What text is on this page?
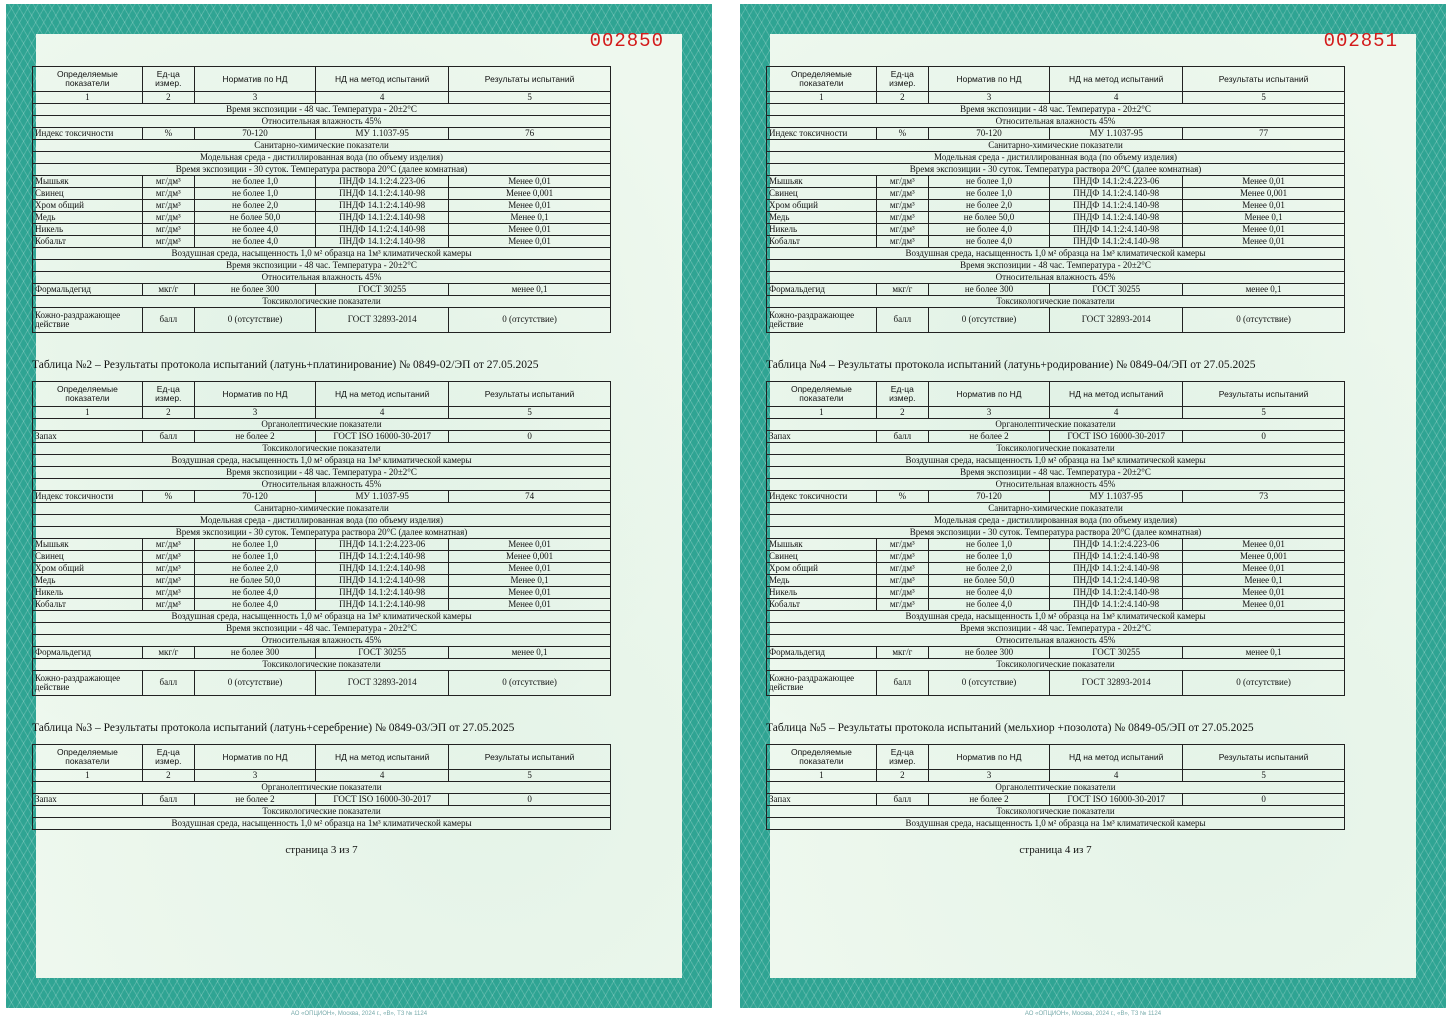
002850
Определяемые показатели	Ед-ца измер.	Норматив по НД	НД на метод испытаний	Результаты испытаний
1	2	3	4	5
Время экспозиции - 48 час. Температура - 20±2°С				
Относительная влажность 45%				
Индекс токсичности	%	70-120	МУ 1.1037-95	76
Санитарно-химические показатели				
Модельная среда - дистиллированная вода (по объему изделия)				
Время экспозиции - 30 суток. Температура раствора 20°С (далее комнатная)				
Мышьяк	мг/дм³	не более 1,0	ПНДФ 14.1:2:4.223-06	Менее 0,01
Свинец	мг/дм³	не более 1,0	ПНДФ 14.1:2:4.140-98	Менее 0,001
Хром общий	мг/дм³	не более 2,0	ПНДФ 14.1:2:4.140-98	Менее 0,01
Медь	мг/дм³	не более 50,0	ПНДФ 14.1:2:4.140-98	Менее 0,1
Никель	мг/дм³	не более 4,0	ПНДФ 14.1:2:4.140-98	Менее 0,01
Кобальт	мг/дм³	не более 4,0	ПНДФ 14.1:2:4.140-98	Менее 0,01
Воздушная среда, насыщенность 1,0 м² образца на 1м³ климатической камеры				
Время экспозиции - 48 час. Температура - 20±2°С				
Относительная влажность 45%				
Формальдегид	мкг/г	не более 300	ГОСТ 30255	менее 0,1
Токсикологические показатели				
Кожно-раздражающее действие	балл	0 (отсутствие)	ГОСТ 32893-2014	0 (отсутствие)
Таблица №2 – Результаты протокола испытаний (латунь+платинирование) № 0849-02/ЭП от 27.05.2025
Определяемые показатели	Ед-ца измер.	Норматив по НД	НД на метод испытаний	Результаты испытаний
1	2	3	4	5
Органолептические показатели				
Запах	балл	не более 2	ГОСТ ISO 16000-30-2017	0
Токсикологические показатели				
Воздушная среда, насыщенность 1,0 м² образца на 1м³ климатической камеры				
Время экспозиции - 48 час. Температура - 20±2°С				
Относительная влажность 45%				
Индекс токсичности	%	70-120	МУ 1.1037-95	74
Санитарно-химические показатели				
Модельная среда - дистиллированная вода (по объему изделия)				
Время экспозиции - 30 суток. Температура раствора 20°С (далее комнатная)				
Мышьяк	мг/дм³	не более 1,0	ПНДФ 14.1:2:4.223-06	Менее 0,01
Свинец	мг/дм³	не более 1,0	ПНДФ 14.1:2:4.140-98	Менее 0,001
Хром общий	мг/дм³	не более 2,0	ПНДФ 14.1:2:4.140-98	Менее 0,01
Медь	мг/дм³	не более 50,0	ПНДФ 14.1:2:4.140-98	Менее 0,1
Никель	мг/дм³	не более 4,0	ПНДФ 14.1:2:4.140-98	Менее 0,01
Кобальт	мг/дм³	не более 4,0	ПНДФ 14.1:2:4.140-98	Менее 0,01
Воздушная среда, насыщенность 1,0 м² образца на 1м³ климатической камеры				
Время экспозиции - 48 час. Температура - 20±2°С				
Относительная влажность 45%				
Формальдегид	мкг/г	не более 300	ГОСТ 30255	менее 0,1
Токсикологические показатели				
Кожно-раздражающее действие	балл	0 (отсутствие)	ГОСТ 32893-2014	0 (отсутствие)
Таблица №3 – Результаты протокола испытаний (латунь+серебрение) № 0849-03/ЭП от 27.05.2025
Определяемые показатели	Ед-ца измер.	Норматив по НД	НД на метод испытаний	Результаты испытаний
1	2	3	4	5
Органолептические показатели				
Запах	балл	не более 2	ГОСТ ISO 16000-30-2017	0
Токсикологические показатели				
Воздушная среда, насыщенность 1,0 м² образца на 1м³ климатической камеры				
страница 3 из 7
АО «ОПЦИОН», Москва, 2024 г., «В», ТЗ № 1124
002851
Определяемые показатели	Ед-ца измер.	Норматив по НД	НД на метод испытаний	Результаты испытаний
1	2	3	4	5
Время экспозиции - 48 час. Температура - 20±2°С				
Относительная влажность 45%				
Индекс токсичности	%	70-120	МУ 1.1037-95	77
Санитарно-химические показатели				
Модельная среда - дистиллированная вода (по объему изделия)				
Время экспозиции - 30 суток. Температура раствора 20°С (далее комнатная)				
Мышьяк	мг/дм³	не более 1,0	ПНДФ 14.1:2:4.223-06	Менее 0,01
Свинец	мг/дм³	не более 1,0	ПНДФ 14.1:2:4.140-98	Менее 0,001
Хром общий	мг/дм³	не более 2,0	ПНДФ 14.1:2:4.140-98	Менее 0,01
Медь	мг/дм³	не более 50,0	ПНДФ 14.1:2:4.140-98	Менее 0,1
Никель	мг/дм³	не более 4,0	ПНДФ 14.1:2:4.140-98	Менее 0,01
Кобальт	мг/дм³	не более 4,0	ПНДФ 14.1:2:4.140-98	Менее 0,01
Воздушная среда, насыщенность 1,0 м² образца на 1м³ климатической камеры				
Время экспозиции - 48 час. Температура - 20±2°С				
Относительная влажность 45%				
Формальдегид	мкг/г	не более 300	ГОСТ 30255	менее 0,1
Токсикологические показатели				
Кожно-раздражающее действие	балл	0 (отсутствие)	ГОСТ 32893-2014	0 (отсутствие)
Таблица №4 – Результаты протокола испытаний (латунь+родирование) № 0849-04/ЭП от 27.05.2025
Определяемые показатели	Ед-ца измер.	Норматив по НД	НД на метод испытаний	Результаты испытаний
1	2	3	4	5
Органолептические показатели				
Запах	балл	не более 2	ГОСТ ISO 16000-30-2017	0
Токсикологические показатели				
Воздушная среда, насыщенность 1,0 м² образца на 1м³ климатической камеры				
Время экспозиции - 48 час. Температура - 20±2°С				
Относительная влажность 45%				
Индекс токсичности	%	70-120	МУ 1.1037-95	73
Санитарно-химические показатели				
Модельная среда - дистиллированная вода (по объему изделия)				
Время экспозиции - 30 суток. Температура раствора 20°С (далее комнатная)				
Мышьяк	мг/дм³	не более 1,0	ПНДФ 14.1:2:4.223-06	Менее 0,01
Свинец	мг/дм³	не более 1,0	ПНДФ 14.1:2:4.140-98	Менее 0,001
Хром общий	мг/дм³	не более 2,0	ПНДФ 14.1:2:4.140-98	Менее 0,01
Медь	мг/дм³	не более 50,0	ПНДФ 14.1:2:4.140-98	Менее 0,1
Никель	мг/дм³	не более 4,0	ПНДФ 14.1:2:4.140-98	Менее 0,01
Кобальт	мг/дм³	не более 4,0	ПНДФ 14.1:2:4.140-98	Менее 0,01
Воздушная среда, насыщенность 1,0 м² образца на 1м³ климатической камеры				
Время экспозиции - 48 час. Температура - 20±2°С				
Относительная влажность 45%				
Формальдегид	мкг/г	не более 300	ГОСТ 30255	менее 0,1
Токсикологические показатели				
Кожно-раздражающее действие	балл	0 (отсутствие)	ГОСТ 32893-2014	0 (отсутствие)
Таблица №5 – Результаты протокола испытаний (мельхиор +позолота) № 0849-05/ЭП от 27.05.2025
Определяемые показатели	Ед-ца измер.	Норматив по НД	НД на метод испытаний	Результаты испытаний
1	2	3	4	5
Органолептические показатели				
Запах	балл	не более 2	ГОСТ ISO 16000-30-2017	0
Токсикологические показатели				
Воздушная среда, насыщенность 1,0 м² образца на 1м³ климатической камеры				
страница 4 из 7
АО «ОПЦИОН», Москва, 2024 г., «В», ТЗ № 1124
